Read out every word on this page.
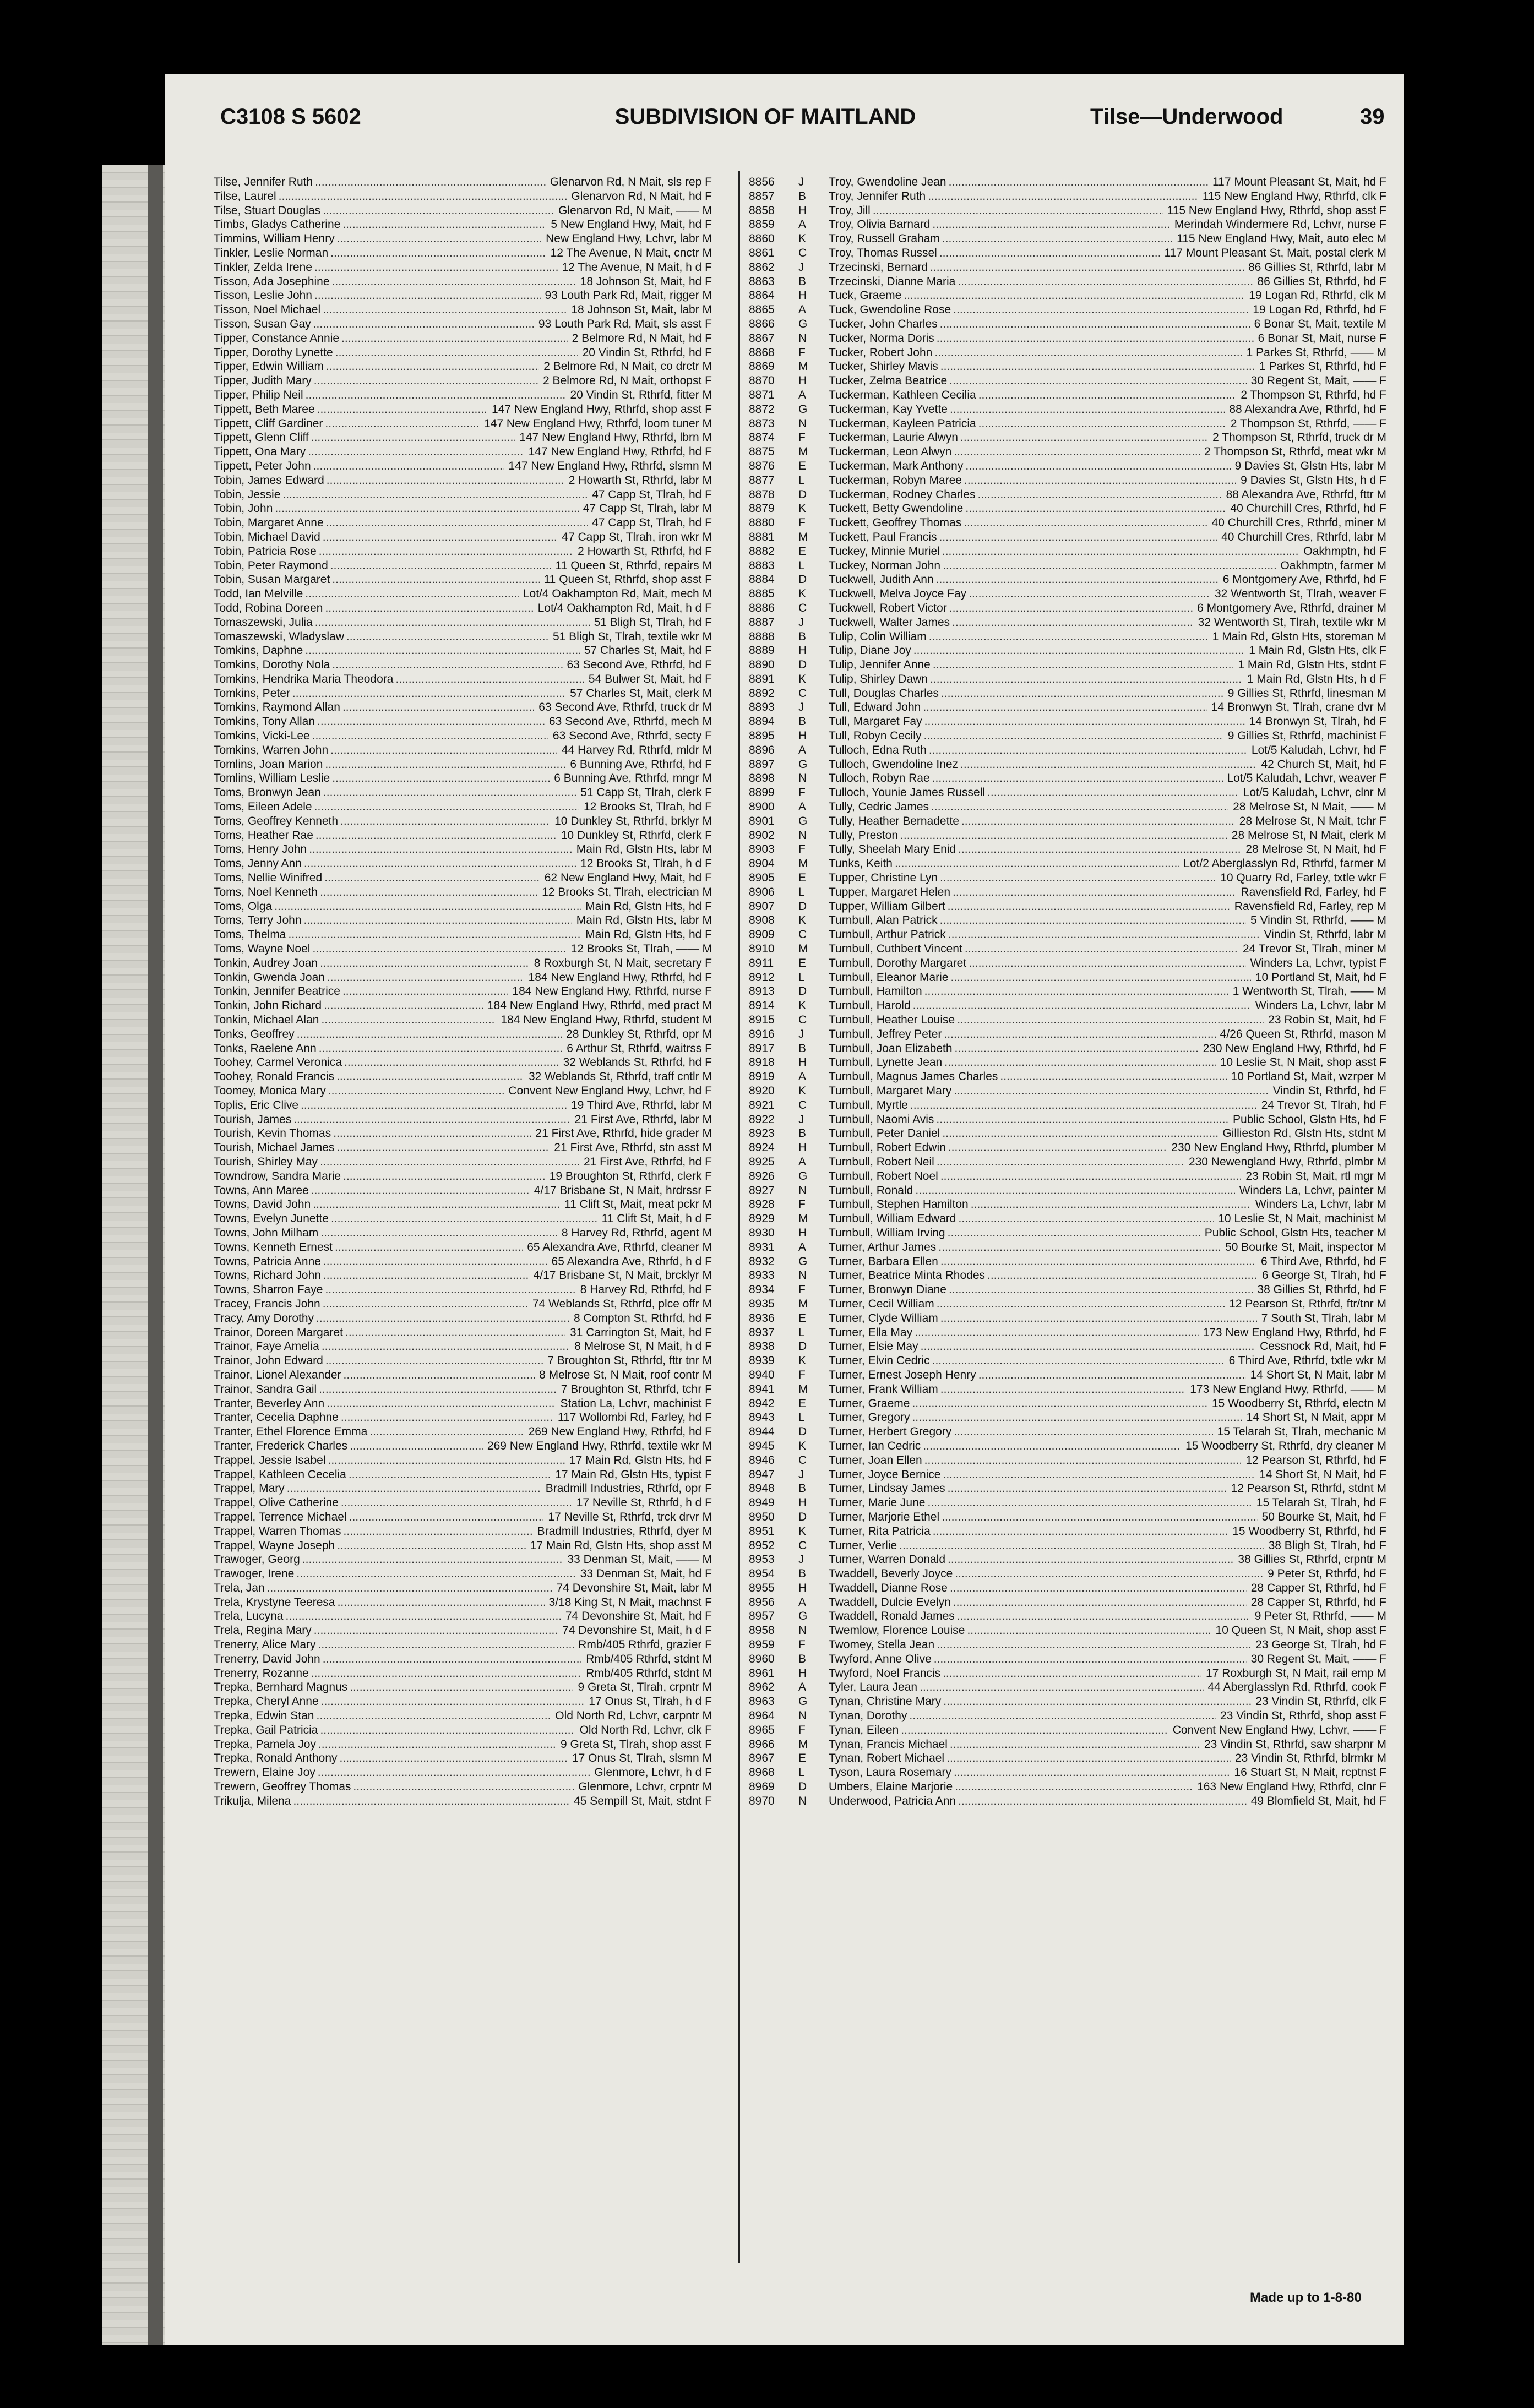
C3108 S 5602	SUBDIVISION OF MAITLAND	Tilse—Underwood	39
Tilse, Jennifer Ruth .....	Glenarvon Rd, N Mait, sls rep F
Tilse, Laurel .....	Glenarvon Rd, N Mait, hd F
Tilse, Stuart Douglas .....	Glenarvon Rd, N Mait, —— M
Timbs, Gladys Catherine .....	5 New England Hwy, Mait, hd F
Timmins, William Henry .....	New England Hwy, Lchvr, labr M
Tinkler, Leslie Norman .....	12 The Avenue, N Mait, cnctr M
Tinkler, Zelda Irene .....	12 The Avenue, N Mait, h d F
Tisson, Ada Josephine .....	18 Johnson St, Mait, hd F
Tisson, Leslie John .....	93 Louth Park Rd, Mait, rigger M
Tisson, Noel Michael .....	18 Johnson St, Mait, labr M
Tisson, Susan Gay .....	93 Louth Park Rd, Mait, sls asst F
Tipper, Constance Annie .....	2 Belmore Rd, N Mait, hd F
Tipper, Dorothy Lynette .....	20 Vindin St, Rthrfd, hd F
Tipper, Edwin William .....	2 Belmore Rd, N Mait, co drctr M
Tipper, Judith Mary .....	2 Belmore Rd, N Mait, orthopst F
Tipper, Philip Neil .....	20 Vindin St, Rthrfd, fitter M
Tippett, Beth Maree .....	147 New England Hwy, Rthrfd, shop asst F
Tippett, Cliff Gardiner .....	147 New England Hwy, Rthrfd, loom tuner M
Tippett, Glenn Cliff .....	147 New England Hwy, Rthrfd, lbrn M
Tippett, Ona Mary .....	147 New England Hwy, Rthrfd, hd F
Tippett, Peter John .....	147 New England Hwy, Rthrfd, slsmn M
Tobin, James Edward .....	2 Howarth St, Rthrfd, labr M
Tobin, Jessie .....	47 Capp St, Tlrah, hd F
Tobin, John .....	47 Capp St, Tlrah, labr M
Tobin, Margaret Anne .....	47 Capp St, Tlrah, hd F
Tobin, Michael David .....	47 Capp St, Tlrah, iron wkr M
Tobin, Patricia Rose .....	2 Howarth St, Rthrfd, hd F
Tobin, Peter Raymond .....	11 Queen St, Rthrfd, repairs M
Tobin, Susan Margaret .....	11 Queen St, Rthrfd, shop asst F
Todd, Ian Melville .....	Lot/4 Oakhampton Rd, Mait, mech M
Todd, Robina Doreen .....	Lot/4 Oakhampton Rd, Mait, h d F
Tomaszewski, Julia .....	51 Bligh St, Tlrah, hd F
Tomaszewski, Wladyslaw .....	51 Bligh St, Tlrah, textile wkr M
Tomkins, Daphne .....	57 Charles St, Mait, hd F
Tomkins, Dorothy Nola .....	63 Second Ave, Rthrfd, hd F
Tomkins, Hendrika Maria Theodora .....	54 Bulwer St, Mait, hd F
Tomkins, Peter .....	57 Charles St, Mait, clerk M
Tomkins, Raymond Allan .....	63 Second Ave, Rthrfd, truck dr M
Tomkins, Tony Allan .....	63 Second Ave, Rthrfd, mech M
Tomkins, Vicki-Lee .....	63 Second Ave, Rthrfd, secty F
Tomkins, Warren John .....	44 Harvey Rd, Rthrfd, mldr M
Tomlins, Joan Marion .....	6 Bunning Ave, Rthrfd, hd F
Tomlins, William Leslie .....	6 Bunning Ave, Rthrfd, mngr M
Toms, Bronwyn Jean .....	51 Capp St, Tlrah, clerk F
Toms, Eileen Adele .....	12 Brooks St, Tlrah, hd F
Toms, Geoffrey Kenneth .....	10 Dunkley St, Rthrfd, brklyr M
Toms, Heather Rae .....	10 Dunkley St, Rthrfd, clerk F
Toms, Henry John .....	Main Rd, Glstn Hts, labr M
Toms, Jenny Ann .....	12 Brooks St, Tlrah, h d F
Toms, Nellie Winifred .....	62 New England Hwy, Mait, hd F
Toms, Noel Kenneth .....	12 Brooks St, Tlrah, electrician M
Toms, Olga .....	Main Rd, Glstn Hts, hd F
Toms, Terry John .....	Main Rd, Glstn Hts, labr M
Toms, Thelma .....	Main Rd, Glstn Hts, hd F
Toms, Wayne Noel .....	12 Brooks St, Tlrah, —— M
Tonkin, Audrey Joan .....	8 Roxburgh St, N Mait, secretary F
Tonkin, Gwenda Joan .....	184 New England Hwy, Rthrfd, hd F
Tonkin, Jennifer Beatrice .....	184 New England Hwy, Rthrfd, nurse F
Tonkin, John Richard .....	184 New England Hwy, Rthrfd, med pract M
Tonkin, Michael Alan .....	184 New England Hwy, Rthrfd, student M
Tonks, Geoffrey .....	28 Dunkley St, Rthrfd, opr M
Tonks, Raelene Ann .....	6 Arthur St, Rthrfd, waitrss F
Toohey, Carmel Veronica .....	32 Weblands St, Rthrfd, hd F
Toohey, Ronald Francis .....	32 Weblands St, Rthrfd, traff cntlr M
Toomey, Monica Mary .....	Convent New England Hwy, Lchvr, hd F
Toplis, Eric Clive .....	19 Third Ave, Rthrfd, labr M
Tourish, James .....	21 First Ave, Rthrfd, labr M
Tourish, Kevin Thomas .....	21 First Ave, Rthrfd, hide grader M
Tourish, Michael James .....	21 First Ave, Rthrfd, stn asst M
Tourish, Shirley May .....	21 First Ave, Rthrfd, hd F
Towndrow, Sandra Marie .....	19 Broughton St, Rthrfd, clerk F
Towns, Ann Maree .....	4/17 Brisbane St, N Mait, hrdrssr F
Towns, David John .....	11 Clift St, Mait, meat pckr M
Towns, Evelyn Junette .....	11 Clift St, Mait, h d F
Towns, John Milham .....	8 Harvey Rd, Rthrfd, agent M
Towns, Kenneth Ernest .....	65 Alexandra Ave, Rthrfd, cleaner M
Towns, Patricia Anne .....	65 Alexandra Ave, Rthrfd, h d F
Towns, Richard John .....	4/17 Brisbane St, N Mait, brcklyr M
Towns, Sharron Faye .....	8 Harvey Rd, Rthrfd, hd F
Tracey, Francis John .....	74 Weblands St, Rthrfd, plce offr M
Tracy, Amy Dorothy .....	8 Compton St, Rthrfd, hd F
Trainor, Doreen Margaret .....	31 Carrington St, Mait, hd F
Trainor, Faye Amelia .....	8 Melrose St, N Mait, h d F
Trainor, John Edward .....	7 Broughton St, Rthrfd, fttr tnr M
Trainor, Lionel Alexander .....	8 Melrose St, N Mait, roof contr M
Trainor, Sandra Gail .....	7 Broughton St, Rthrfd, tchr F
Tranter, Beverley Ann .....	Station La, Lchvr, machinist F
Tranter, Cecelia Daphne .....	117 Wollombi Rd, Farley, hd F
Tranter, Ethel Florence Emma .....	269 New England Hwy, Rthrfd, hd F
Tranter, Frederick Charles .....	269 New England Hwy, Rthrfd, textile wkr M
Trappel, Jessie Isabel .....	17 Main Rd, Glstn Hts, hd F
Trappel, Kathleen Cecelia .....	17 Main Rd, Glstn Hts, typist F
Trappel, Mary .....	Bradmill Industries, Rthrfd, opr F
Trappel, Olive Catherine .....	17 Neville St, Rthrfd, h d F
Trappel, Terrence Michael .....	17 Neville St, Rthrfd, trck drvr M
Trappel, Warren Thomas .....	Bradmill Industries, Rthrfd, dyer M
Trappel, Wayne Joseph .....	17 Main Rd, Glstn Hts, shop asst M
Trawoger, Georg .....	33 Denman St, Mait, —— M
Trawoger, Irene .....	33 Denman St, Mait, hd F
Trela, Jan .....	74 Devonshire St, Mait, labr M
Trela, Krystyne Teeresa .....	3/18 King St, N Mait, machnst F
Trela, Lucyna .....	74 Devonshire St, Mait, hd F
Trela, Regina Mary .....	74 Devonshire St, Mait, h d F
Trenerry, Alice Mary .....	Rmb/405 Rthrfd, grazier F
Trenerry, David John .....	Rmb/405 Rthrfd, stdnt M
Trenerry, Rozanne .....	Rmb/405 Rthrfd, stdnt M
Trepka, Bernhard Magnus .....	9 Greta St, Tlrah, crpntr M
Trepka, Cheryl Anne .....	17 Onus St, Tlrah, h d F
Trepka, Edwin Stan .....	Old North Rd, Lchvr, carpntr M
Trepka, Gail Patricia .....	Old North Rd, Lchvr, clk F
Trepka, Pamela Joy .....	9 Greta St, Tlrah, shop asst F
Trepka, Ronald Anthony .....	17 Onus St, Tlrah, slsmn M
Trewern, Elaine Joy .....	Glenmore, Lchvr, h d F
Trewern, Geoffrey Thomas .....	Glenmore, Lchvr, crpntr M
Trikulja, Milena .....	45 Sempill St, Mait, stdnt F
8856	J	Troy, Gwendoline Jean .....	117 Mount Pleasant St, Mait, hd F
8857	B	Troy, Jennifer Ruth .....	115 New England Hwy, Rthrfd, clk F
8858	H	Troy, Jill .....	115 New England Hwy, Rthrfd, shop asst F
8859	A	Troy, Olivia Barnard .....	Merindah Windermere Rd, Lchvr, nurse F
8860	K	Troy, Russell Graham .....	115 New England Hwy, Mait, auto elec M
8861	C	Troy, Thomas Russel .....	117 Mount Pleasant St, Mait, postal clerk M
8862	J	Trzecinski, Bernard .....	86 Gillies St, Rthrfd, labr M
8863	B	Trzecinski, Dianne Maria .....	86 Gillies St, Rthrfd, hd F
8864	H	Tuck, Graeme .....	19 Logan Rd, Rthrfd, clk M
8865	A	Tuck, Gwendoline Rose .....	19 Logan Rd, Rthrfd, hd F
8866	G	Tucker, John Charles .....	6 Bonar St, Mait, textile M
8867	N	Tucker, Norma Doris .....	6 Bonar St, Mait, nurse F
8868	F	Tucker, Robert John .....	1 Parkes St, Rthrfd, —— M
8869	M	Tucker, Shirley Mavis .....	1 Parkes St, Rthrfd, hd F
8870	H	Tucker, Zelma Beatrice .....	30 Regent St, Mait, —— F
8871	A	Tuckerman, Kathleen Cecilia .....	2 Thompson St, Rthrfd, hd F
8872	G	Tuckerman, Kay Yvette .....	88 Alexandra Ave, Rthrfd, hd F
8873	N	Tuckerman, Kayleen Patricia .....	2 Thompson St, Rthrfd, —— F
8874	F	Tuckerman, Laurie Alwyn .....	2 Thompson St, Rthrfd, truck dr M
8875	M	Tuckerman, Leon Alwyn .....	2 Thompson St, Rthrfd, meat wkr M
8876	E	Tuckerman, Mark Anthony .....	9 Davies St, Glstn Hts, labr M
8877	L	Tuckerman, Robyn Maree .....	9 Davies St, Glstn Hts, h d F
8878	D	Tuckerman, Rodney Charles .....	88 Alexandra Ave, Rthrfd, fttr M
8879	K	Tuckett, Betty Gwendoline .....	40 Churchill Cres, Rthrfd, hd F
8880	F	Tuckett, Geoffrey Thomas .....	40 Churchill Cres, Rthrfd, miner M
8881	M	Tuckett, Paul Francis .....	40 Churchill Cres, Rthrfd, labr M
8882	E	Tuckey, Minnie Muriel .....	Oakhmptn, hd F
8883	L	Tuckey, Norman John .....	Oakhmptn, farmer M
8884	D	Tuckwell, Judith Ann .....	6 Montgomery Ave, Rthrfd, hd F
8885	K	Tuckwell, Melva Joyce Fay .....	32 Wentworth St, Tlrah, weaver F
8886	C	Tuckwell, Robert Victor .....	6 Montgomery Ave, Rthrfd, drainer M
8887	J	Tuckwell, Walter James .....	32 Wentworth St, Tlrah, textile wkr M
8888	B	Tulip, Colin William .....	1 Main Rd, Glstn Hts, storeman M
8889	H	Tulip, Diane Joy .....	1 Main Rd, Glstn Hts, clk F
8890	D	Tulip, Jennifer Anne .....	1 Main Rd, Glstn Hts, stdnt F
8891	K	Tulip, Shirley Dawn .....	1 Main Rd, Glstn Hts, h d F
8892	C	Tull, Douglas Charles .....	9 Gillies St, Rthrfd, linesman M
8893	J	Tull, Edward John .....	14 Bronwyn St, Tlrah, crane dvr M
8894	B	Tull, Margaret Fay .....	14 Bronwyn St, Tlrah, hd F
8895	H	Tull, Robyn Cecily .....	9 Gillies St, Rthrfd, machinist F
8896	A	Tulloch, Edna Ruth .....	Lot/5 Kaludah, Lchvr, hd F
8897	G	Tulloch, Gwendoline Inez .....	42 Church St, Mait, hd F
8898	N	Tulloch, Robyn Rae .....	Lot/5 Kaludah, Lchvr, weaver F
8899	F	Tulloch, Younie James Russell .....	Lot/5 Kaludah, Lchvr, clnr M
8900	A	Tully, Cedric James .....	28 Melrose St, N Mait, —— M
8901	G	Tully, Heather Bernadette .....	28 Melrose St, N Mait, tchr F
8902	N	Tully, Preston .....	28 Melrose St, N Mait, clerk M
8903	F	Tully, Sheelah Mary Enid .....	28 Melrose St, N Mait, hd F
8904	M	Tunks, Keith .....	Lot/2 Aberglasslyn Rd, Rthrfd, farmer M
8905	E	Tupper, Christine Lyn .....	10 Quarry Rd, Farley, txtle wkr F
8906	L	Tupper, Margaret Helen .....	Ravensfield Rd, Farley, hd F
8907	D	Tupper, William Gilbert .....	Ravensfield Rd, Farley, rep M
8908	K	Turnbull, Alan Patrick .....	5 Vindin St, Rthrfd, —— M
8909	C	Turnbull, Arthur Patrick .....	Vindin St, Rthrfd, labr M
8910	M	Turnbull, Cuthbert Vincent .....	24 Trevor St, Tlrah, miner M
8911	E	Turnbull, Dorothy Margaret .....	Winders La, Lchvr, typist F
8912	L	Turnbull, Eleanor Marie .....	10 Portland St, Mait, hd F
8913	D	Turnbull, Hamilton .....	1 Wentworth St, Tlrah, —— M
8914	K	Turnbull, Harold .....	Winders La, Lchvr, labr M
8915	C	Turnbull, Heather Louise .....	23 Robin St, Mait, hd F
8916	J	Turnbull, Jeffrey Peter .....	4/26 Queen St, Rthrfd, mason M
8917	B	Turnbull, Joan Elizabeth .....	230 New England Hwy, Rthrfd, hd F
8918	H	Turnbull, Lynette Jean .....	10 Leslie St, N Mait, shop asst F
8919	A	Turnbull, Magnus James Charles .....	10 Portland St, Mait, wzrper M
8920	K	Turnbull, Margaret Mary .....	Vindin St, Rthrfd, hd F
8921	C	Turnbull, Myrtle .....	24 Trevor St, Tlrah, hd F
8922	J	Turnbull, Naomi Avis .....	Public School, Glstn Hts, hd F
8923	B	Turnbull, Peter Daniel .....	Gillieston Rd, Glstn Hts, stdnt M
8924	H	Turnbull, Robert Edwin .....	230 New England Hwy, Rthrfd, plumber M
8925	A	Turnbull, Robert Neil .....	230 Newengland Hwy, Rthrfd, plmbr M
8926	G	Turnbull, Robert Noel .....	23 Robin St, Mait, rtl mgr M
8927	N	Turnbull, Ronald .....	Winders La, Lchvr, painter M
8928	F	Turnbull, Stephen Hamilton .....	Winders La, Lchvr, labr M
8929	M	Turnbull, William Edward .....	10 Leslie St, N Mait, machinist M
8930	H	Turnbull, William Irving .....	Public School, Glstn Hts, teacher M
8931	A	Turner, Arthur James .....	50 Bourke St, Mait, inspector M
8932	G	Turner, Barbara Ellen .....	6 Third Ave, Rthrfd, hd F
8933	N	Turner, Beatrice Minta Rhodes .....	6 George St, Tlrah, hd F
8934	F	Turner, Bronwyn Diane .....	38 Gillies St, Rthrfd, hd F
8935	M	Turner, Cecil William .....	12 Pearson St, Rthrfd, ftr/tnr M
8936	E	Turner, Clyde William .....	7 South St, Tlrah, labr M
8937	L	Turner, Ella May .....	173 New England Hwy, Rthrfd, hd F
8938	D	Turner, Elsie May .....	Cessnock Rd, Mait, hd F
8939	K	Turner, Elvin Cedric .....	6 Third Ave, Rthrfd, txtle wkr M
8940	F	Turner, Ernest Joseph Henry .....	14 Short St, N Mait, labr M
8941	M	Turner, Frank William .....	173 New England Hwy, Rthrfd, —— M
8942	E	Turner, Graeme .....	15 Woodberry St, Rthrfd, electn M
8943	L	Turner, Gregory .....	14 Short St, N Mait, appr M
8944	D	Turner, Herbert Gregory .....	15 Telarah St, Tlrah, mechanic M
8945	K	Turner, Ian Cedric .....	15 Woodberry St, Rthrfd, dry cleaner M
8946	C	Turner, Joan Ellen .....	12 Pearson St, Rthrfd, hd F
8947	J	Turner, Joyce Bernice .....	14 Short St, N Mait, hd F
8948	B	Turner, Lindsay James .....	12 Pearson St, Rthrfd, stdnt M
8949	H	Turner, Marie June .....	15 Telarah St, Tlrah, hd F
8950	D	Turner, Marjorie Ethel .....	50 Bourke St, Mait, hd F
8951	K	Turner, Rita Patricia .....	15 Woodberry St, Rthrfd, hd F
8952	C	Turner, Verlie .....	38 Bligh St, Tlrah, hd F
8953	J	Turner, Warren Donald .....	38 Gillies St, Rthrfd, crpntr M
8954	B	Twaddell, Beverly Joyce .....	9 Peter St, Rthrfd, hd F
8955	H	Twaddell, Dianne Rose .....	28 Capper St, Rthrfd, hd F
8956	A	Twaddell, Dulcie Evelyn .....	28 Capper St, Rthrfd, hd F
8957	G	Twaddell, Ronald James .....	9 Peter St, Rthrfd, —— M
8958	N	Twemlow, Florence Louise .....	10 Queen St, N Mait, shop asst F
8959	F	Twomey, Stella Jean .....	23 George St, Tlrah, hd F
8960	B	Twyford, Anne Olive .....	30 Regent St, Mait, —— F
8961	H	Twyford, Noel Francis .....	17 Roxburgh St, N Mait, rail emp M
8962	A	Tyler, Laura Jean .....	44 Aberglasslyn Rd, Rthrfd, cook F
8963	G	Tynan, Christine Mary .....	23 Vindin St, Rthrfd, clk F
8964	N	Tynan, Dorothy .....	23 Vindin St, Rthrfd, shop asst F
8965	F	Tynan, Eileen .....	Convent New England Hwy, Lchvr, —— F
8966	M	Tynan, Francis Michael .....	23 Vindin St, Rthrfd, saw sharpnr M
8967	E	Tynan, Robert Michael .....	23 Vindin St, Rthrfd, blrmkr M
8968	L	Tyson, Laura Rosemary .....	16 Stuart St, N Mait, rcptnst F
8969	D	Umbers, Elaine Marjorie .....	163 New England Hwy, Rthrfd, clnr F
8970	N	Underwood, Patricia Ann .....	49 Blomfield St, Mait, hd F
Made up to 1-8-80
